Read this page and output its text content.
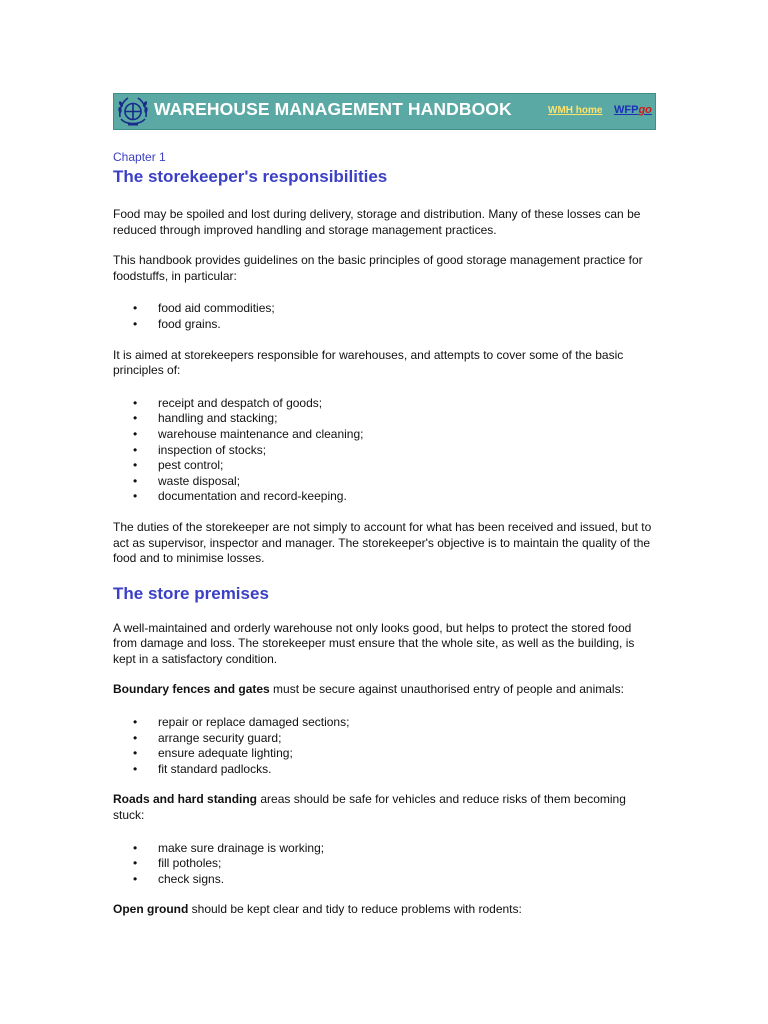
WAREHOUSE MANAGEMENT HANDBOOK	WMH home WFPgo
Chapter 1
The storekeeper's responsibilities

Food may be spoiled and lost during delivery, storage and distribution. Many of these losses can be reduced through improved handling and storage management practices.

This handbook provides guidelines on the basic principles of good storage management practice for foodstuffs, in particular:

• food aid commodities;
• food grains.

It is aimed at storekeepers responsible for warehouses, and attempts to cover some of the basic principles of:

• receipt and despatch of goods;
• handling and stacking;
• warehouse maintenance and cleaning;
• inspection of stocks;
• pest control;
• waste disposal;
• documentation and record-keeping.

The duties of the storekeeper are not simply to account for what has been received and issued, but to act as supervisor, inspector and manager. The storekeeper's objective is to maintain the quality of the food and to minimise losses.

The store premises

A well-maintained and orderly warehouse not only looks good, but helps to protect the stored food from damage and loss. The storekeeper must ensure that the whole site, as well as the building, is kept in a satisfactory condition.

Boundary fences and gates must be secure against unauthorised entry of people and animals:

• repair or replace damaged sections;
• arrange security guard;
• ensure adequate lighting;
• fit standard padlocks.

Roads and hard standing areas should be safe for vehicles and reduce risks of them becoming stuck:

• make sure drainage is working;
• fill potholes;
• check signs.

Open ground should be kept clear and tidy to reduce problems with rodents:
